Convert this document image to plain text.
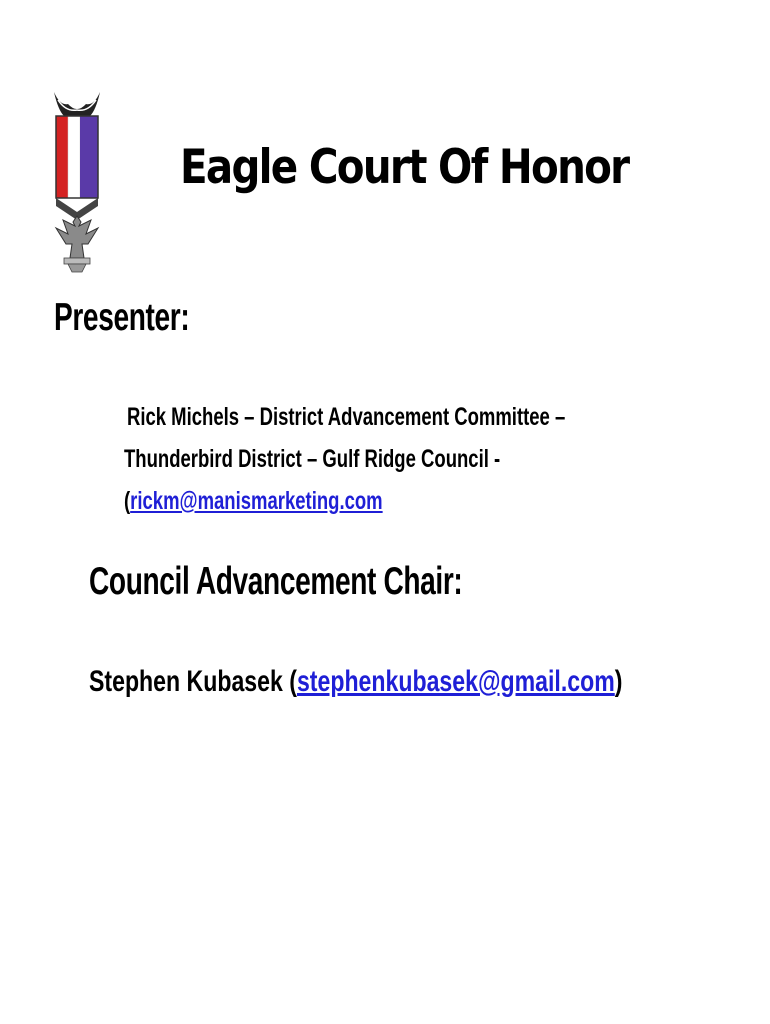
Eagle Court Of Honor
Presenter:
Rick Michels – District Advancement Committee –
Thunderbird District – Gulf Ridge Council -
(rickm@manismarketing.com
Council Advancement Chair:
Stephen Kubasek (stephenkubasek@gmail.com)
